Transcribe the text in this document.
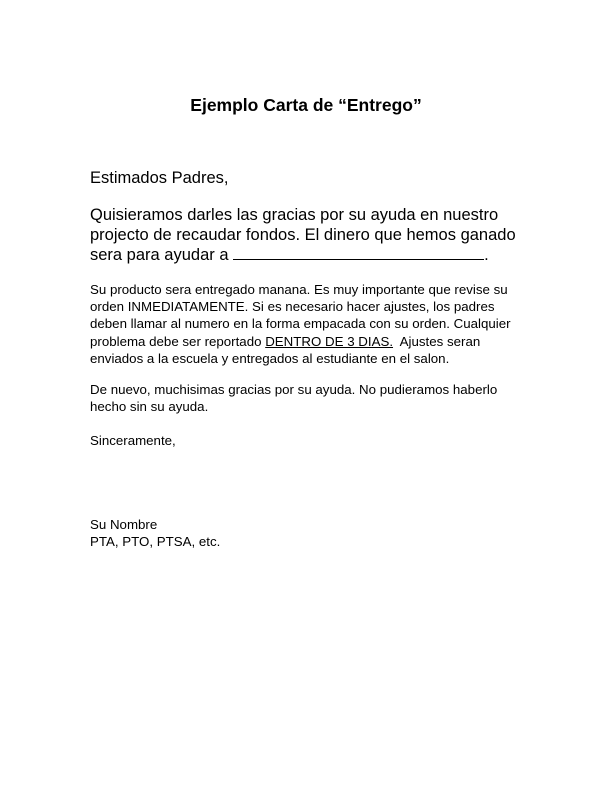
Ejemplo Carta de “Entrego”
Estimados Padres,
Quisieramos darles las gracias por su ayuda en nuestro
projecto de recaudar fondos. El dinero que hemos ganado
sera para ayudar a	.
Su producto sera entregado manana. Es muy importante que revise su
orden INMEDIATAMENTE. Si es necesario hacer ajustes, los padres
deben llamar al numero en la forma empacada con su orden. Cualquier
problema debe ser reportado DENTRO DE 3 DIAS.  Ajustes seran
enviados a la escuela y entregados al estudiante en el salon.
De nuevo, muchisimas gracias por su ayuda. No pudieramos haberlo
hecho sin su ayuda.
Sinceramente,
Su Nombre
PTA, PTO, PTSA, etc.
